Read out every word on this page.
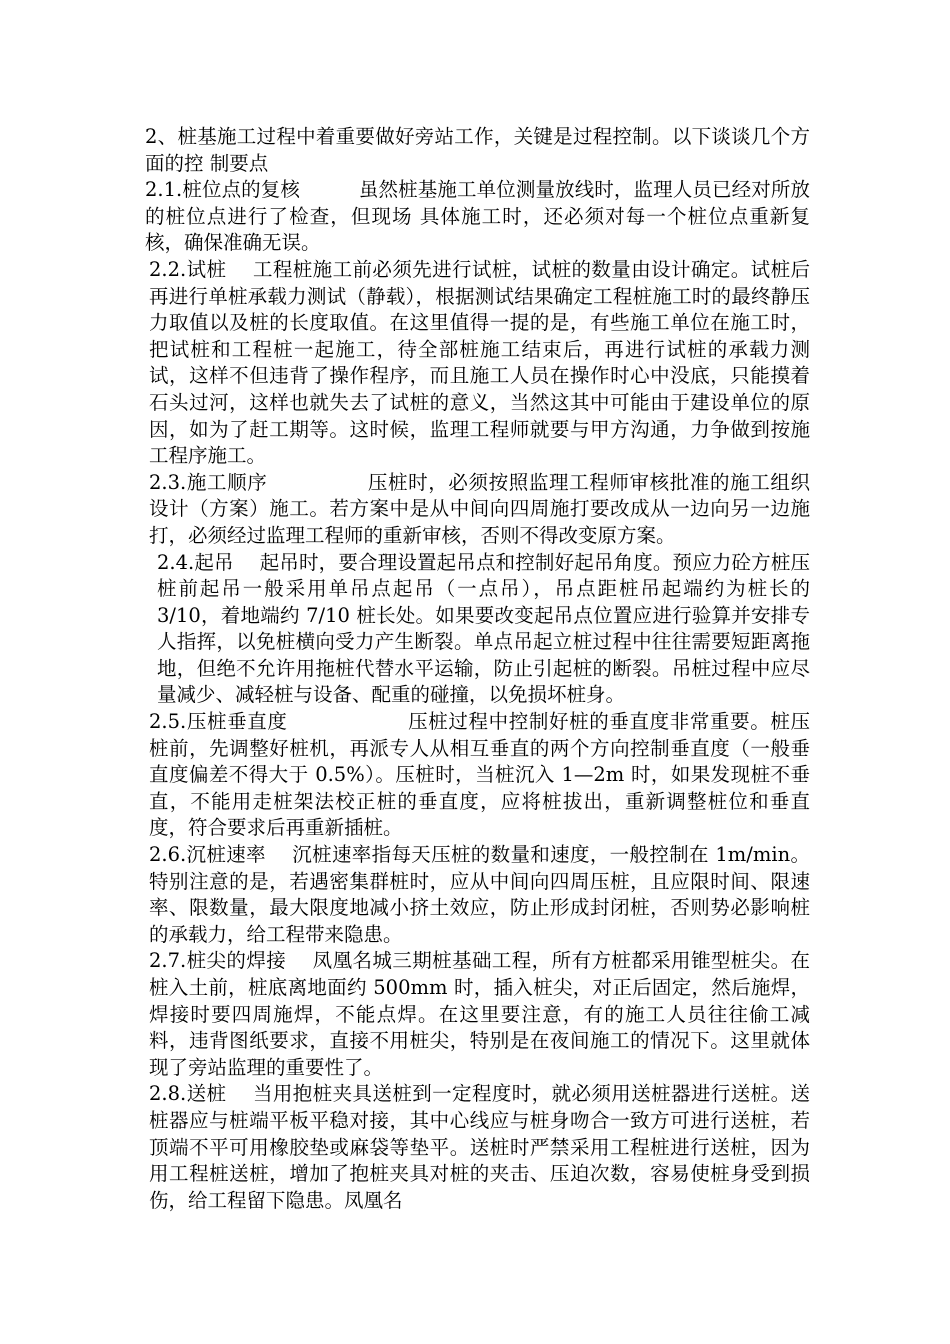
2、桩基施工过程中着重要做好旁站工作，关键是过程控制。以下谈谈几个方面的控 制要点

2.1.桩位点的复核　　　虽然桩基施工单位测量放线时，监理人员已经对所放的桩位点进行了检查，但现场 具体施工时，还必须对每一个桩位点重新复核，确保准确无误。

2.2.试桩　 工程桩施工前必须先进行试桩，试桩的数量由设计确定。试桩后再进行单桩承载力测试（静载），根据测试结果确定工程桩施工时的最终静压力取值以及桩的长度取值。在这里值得一提的是，有些施工单位在施工时，把试桩和工程桩一起施工，待全部桩施工结束后，再进行试桩的承载力测试，这样不但违背了操作程序，而且施工人员在操作时心中没底，只能摸着石头过河，这样也就失去了试桩的意义，当然这其中可能由于建设单位的原因，如为了赶工期等。这时候，监理工程师就要与甲方沟通，力争做到按施工程序施工。

2.3.施工顺序　　　　　压桩时，必须按照监理工程师审核批准的施工组织设计（方案）施工。若方案中是从中间向四周施打要改成从一边向另一边施打，必须经过监理工程师的重新审核，否则不得改变原方案。

2.4.起吊　 起吊时，要合理设置起吊点和控制好起吊角度。预应力砼方桩压桩前起吊一般采用单吊点起吊（一点吊），吊点距桩吊起端约为桩长的 3/10，着地端约 7/10 桩长处。如果要改变起吊点位置应进行验算并安排专人指挥，以免桩横向受力产生断裂。单点吊起立桩过程中往往需要短距离拖地，但绝不允许用拖桩代替水平运输，防止引起桩的断裂。吊桩过程中应尽量减少、减轻桩与设备、配重的碰撞，以免损坏桩身。

2.5.压桩垂直度　　　　　　压桩过程中控制好桩的垂直度非常重要。桩压桩前，先调整好桩机，再派专人从相互垂直的两个方向控制垂直度（一般垂直度偏差不得大于 0.5%）。压桩时，当桩沉入 1—2m 时，如果发现桩不垂直，不能用走桩架法校正桩的垂直度，应将桩拔出，重新调整桩位和垂直度，符合要求后再重新插桩。

2.6.沉桩速率　 沉桩速率指每天压桩的数量和速度，一般控制在 1m/min。特别注意的是，若遇密集群桩时，应从中间向四周压桩，且应限时间、限速率、限数量，最大限度地减小挤土效应，防止形成封闭桩，否则势必影响桩的承载力，给工程带来隐患。

2.7.桩尖的焊接　 凤凰名城三期桩基础工程，所有方桩都采用锥型桩尖。在桩入土前，桩底离地面约 500mm 时，插入桩尖，对正后固定，然后施焊，焊接时要四周施焊，不能点焊。在这里要注意，有的施工人员往往偷工减料，违背图纸要求，直接不用桩尖，特别是在夜间施工的情况下。这里就体现了旁站监理的重要性了。

2.8.送桩　 当用抱桩夹具送桩到一定程度时，就必须用送桩器进行送桩。送桩器应与桩端平板平稳对接，其中心线应与桩身吻合一致方可进行送桩，若顶端不平可用橡胶垫或麻袋等垫平。送桩时严禁采用工程桩进行送桩，因为用工程桩送桩，增加了抱桩夹具对桩的夹击、压迫次数，容易使桩身受到损伤，给工程留下隐患。凤凰名
